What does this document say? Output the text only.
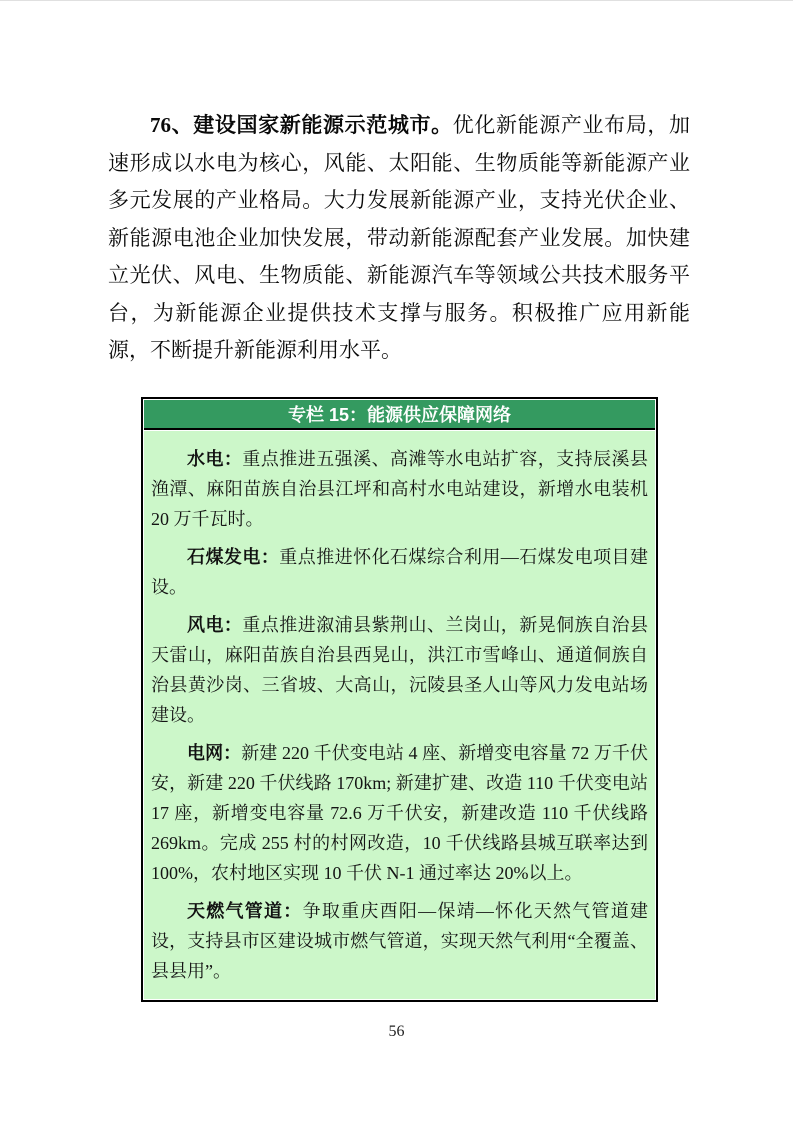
76、建设国家新能源示范城市。优化新能源产业布局，加速形成以水电为核心，风能、太阳能、生物质能等新能源产业多元发展的产业格局。大力发展新能源产业，支持光伏企业、新能源电池企业加快发展，带动新能源配套产业发展。加快建立光伏、风电、生物质能、新能源汽车等领域公共技术服务平台，为新能源企业提供技术支撑与服务。积极推广应用新能源，不断提升新能源利用水平。

专栏 15：能源供应保障网络

水电：重点推进五强溪、高滩等水电站扩容，支持辰溪县渔潭、麻阳苗族自治县江坪和高村水电站建设，新增水电装机 20 万千瓦时。

石煤发电：重点推进怀化石煤综合利用—石煤发电项目建设。

风电：重点推进溆浦县紫荆山、兰岗山，新晃侗族自治县天雷山，麻阳苗族自治县西晃山，洪江市雪峰山、通道侗族自治县黄沙岗、三省坡、大高山，沅陵县圣人山等风力发电站场建设。

电网：新建 220 千伏变电站 4 座、新增变电容量 72 万千伏安，新建 220 千伏线路 170km; 新建扩建、改造 110 千伏变电站 17 座，新增变电容量 72.6 万千伏安，新建改造 110 千伏线路 269km。完成 255 村的村网改造，10 千伏线路县城互联率达到 100%，农村地区实现 10 千伏 N-1 通过率达 20%以上。

天燃气管道：争取重庆酉阳—保靖—怀化天然气管道建设，支持县市区建设城市燃气管道，实现天然气利用“全覆盖、县县用”。

56
